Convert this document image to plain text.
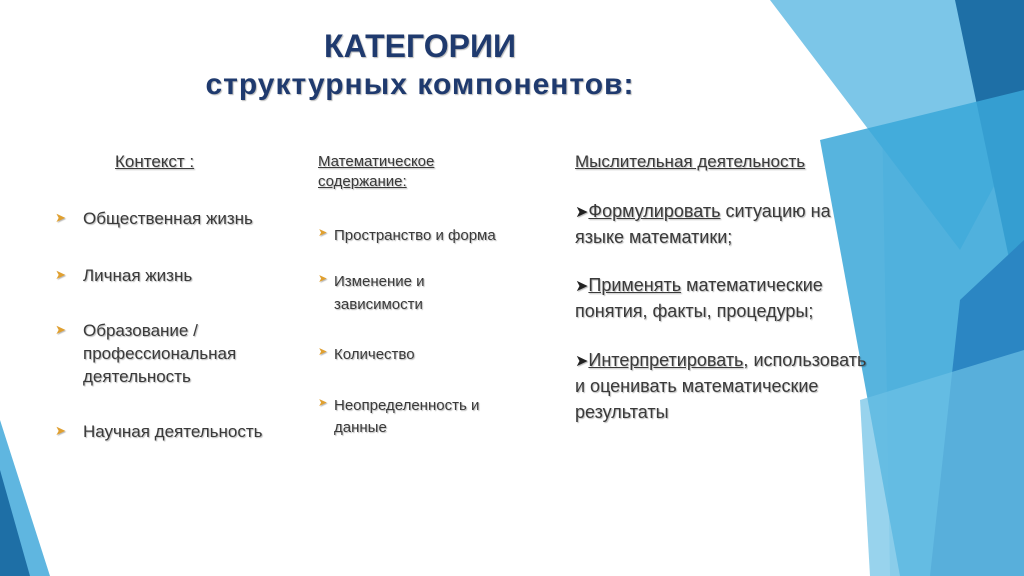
КАТЕГОРИИ
структурных компонентов:
Контекст :
➤ Общественная жизнь
➤ Личная жизнь
➤ Образование / профессиональная деятельность
➤ Научная деятельность
Математическое содержание:
➤ Пространство и форма
➤ Изменение и зависимости
➤ Количество
➤ Неопределенность и данные
Мыслительная деятельность
➤Формулировать ситуацию на языке математики;
➤Применять математические понятия, факты, процедуры;
➤Интерпретировать, использовать и оценивать математические результаты
